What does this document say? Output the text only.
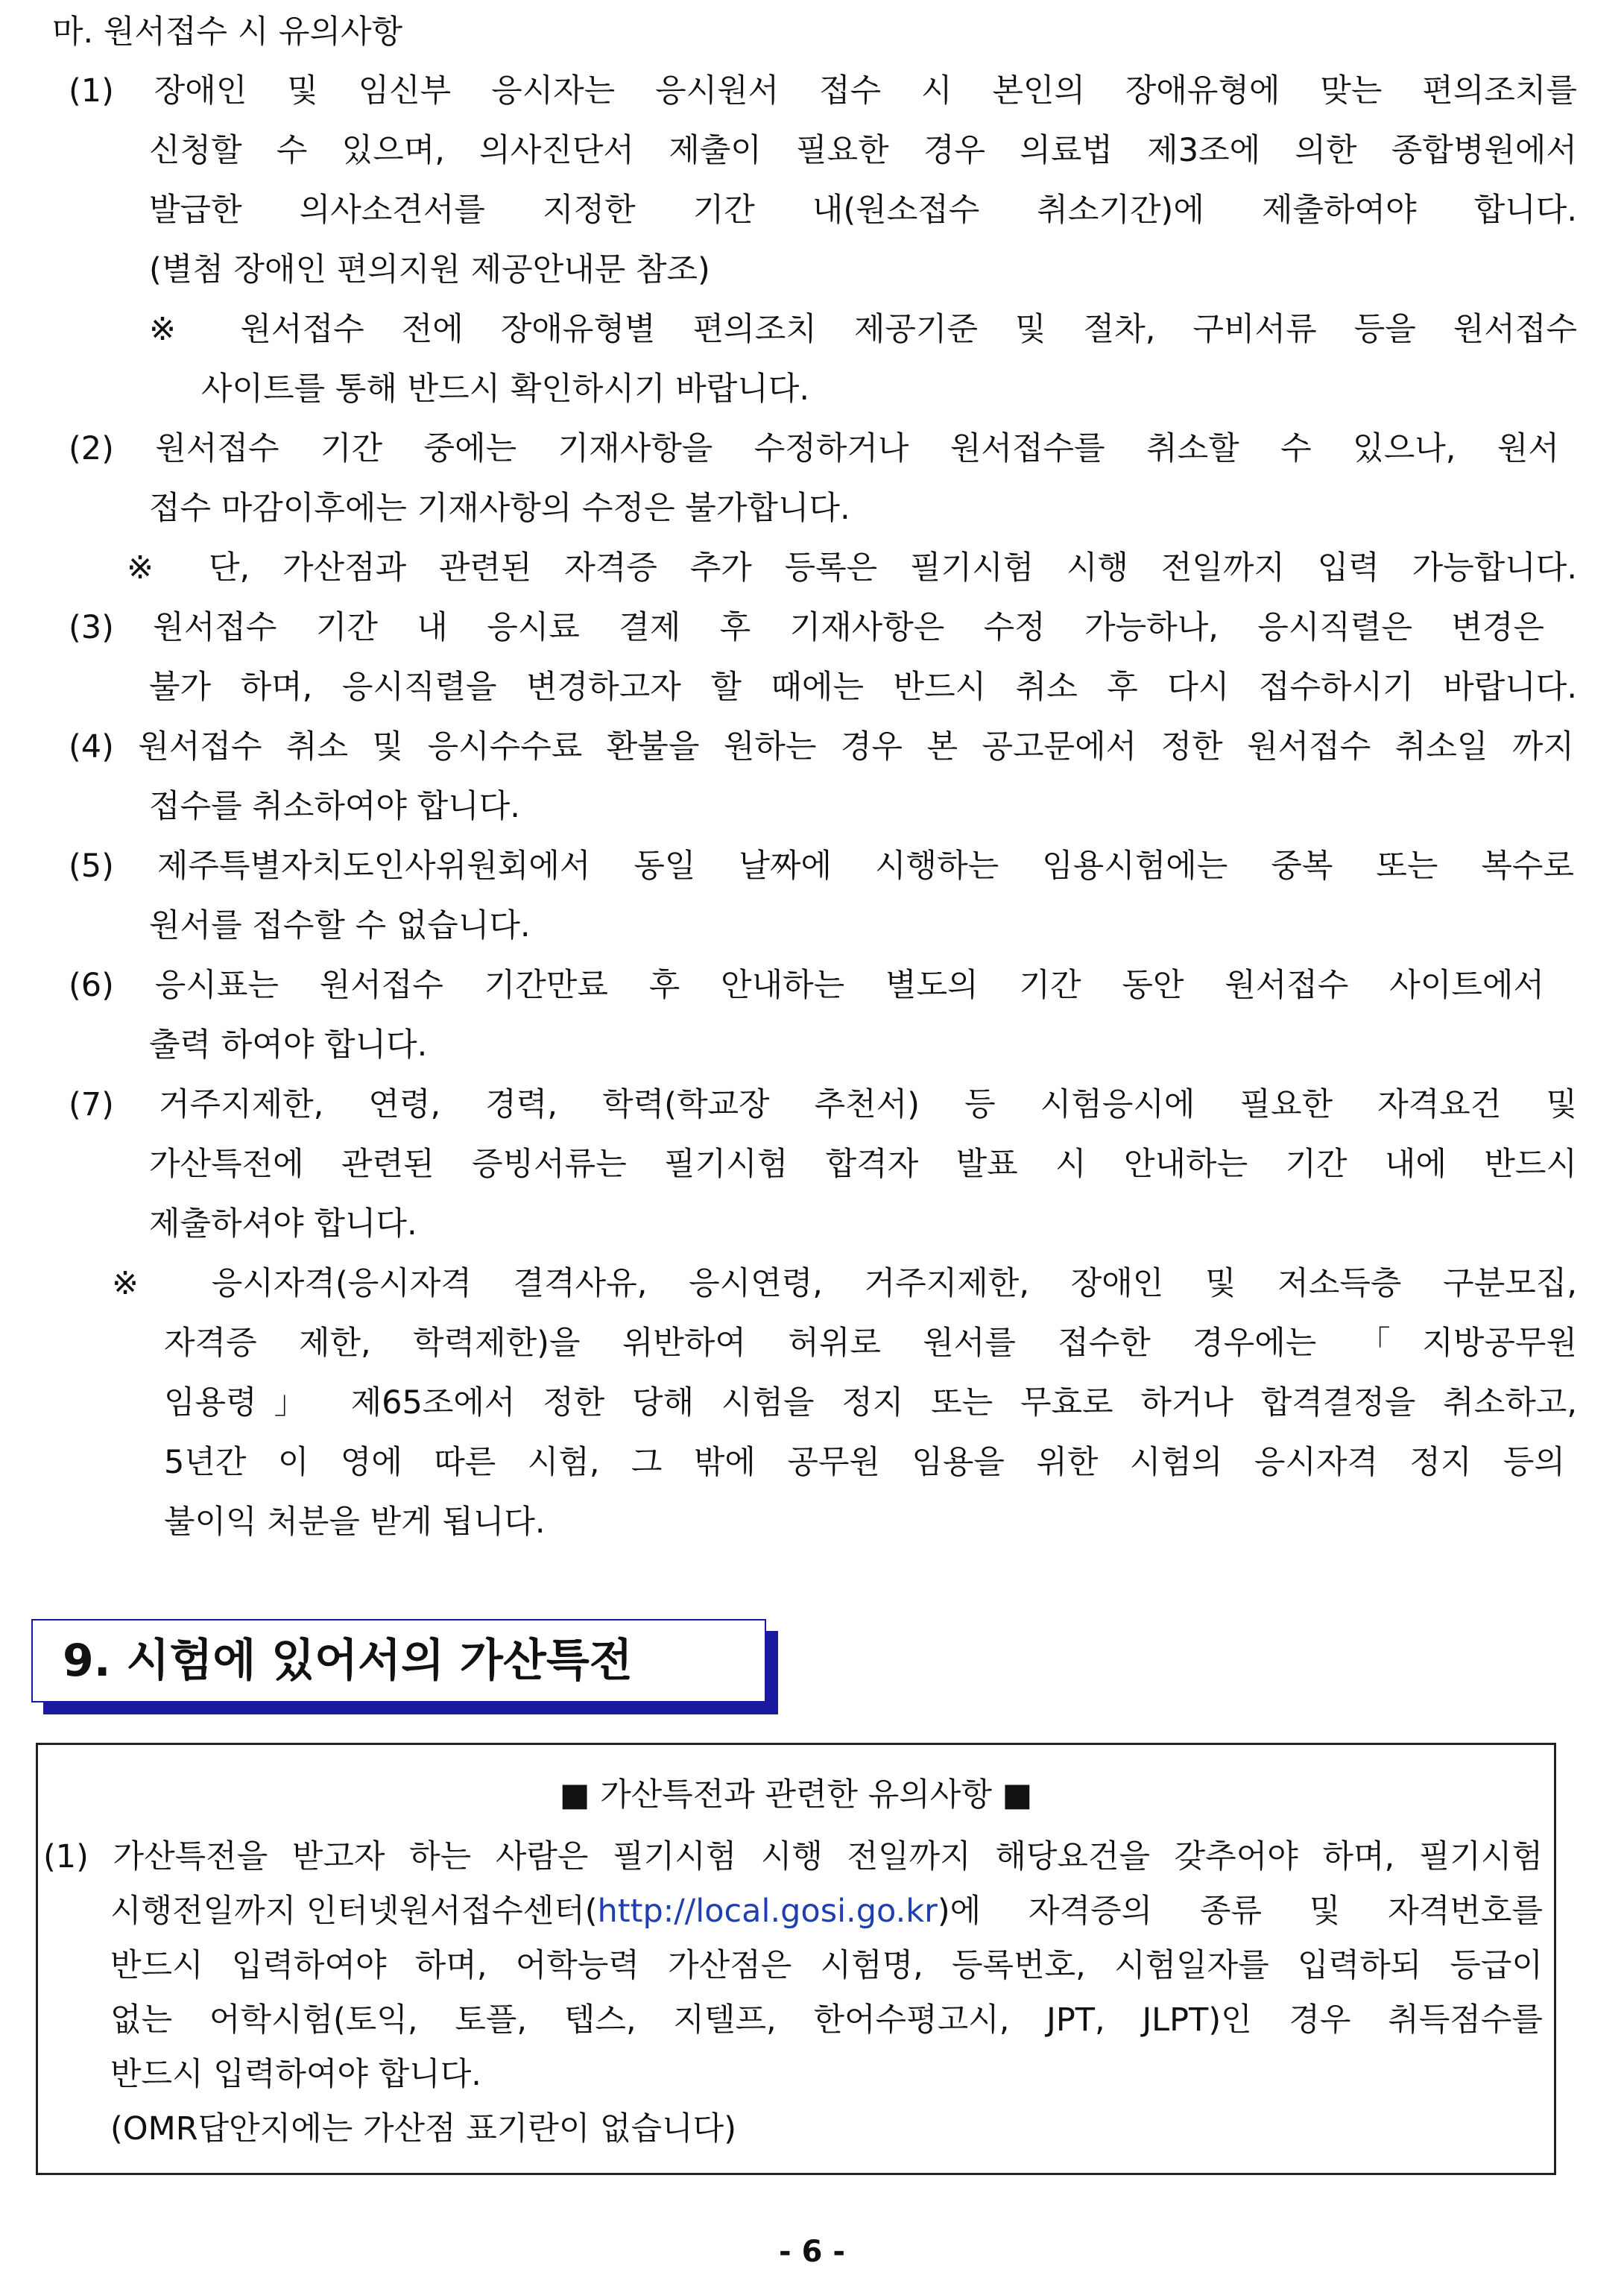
마. 원서접수 시 유의사항
(1) 장애인 및 임신부 응시자는 응시원서 접수 시 본인의 장애유형에 맞는 편의조치를
신청할 수 있으며, 의사진단서 제출이 필요한 경우 의료법 제3조에 의한 종합병원에서
발급한 의사소견서를 지정한 기간 내(원소접수 취소기간)에 제출하여야 합니다.
(별첨 장애인 편의지원 제공안내문 참조)
※ 원서접수 전에 장애유형별 편의조치 제공기준 및 절차, 구비서류 등을 원서접수
사이트를 통해 반드시 확인하시기 바랍니다.
(2) 원서접수 기간 중에는 기재사항을 수정하거나 원서접수를 취소할 수 있으나, 원서
접수 마감이후에는 기재사항의 수정은 불가합니다.
※ 단, 가산점과 관련된 자격증 추가 등록은 필기시험 시행 전일까지 입력 가능합니다.
(3) 원서접수 기간 내 응시료 결제 후 기재사항은 수정 가능하나, 응시직렬은 변경은
불가 하며, 응시직렬을 변경하고자 할 때에는 반드시 취소 후 다시 접수하시기 바랍니다.
(4) 원서접수 취소 및 응시수수료 환불을 원하는 경우 본 공고문에서 정한 원서접수 취소일 까지
접수를 취소하여야 합니다.
(5) 제주특별자치도인사위원회에서 동일 날짜에 시행하는 임용시험에는 중복 또는 복수로
원서를 접수할 수 없습니다.
(6) 응시표는 원서접수 기간만료 후 안내하는 별도의 기간 동안 원서접수 사이트에서
출력 하여야 합니다.
(7) 거주지제한, 연령, 경력, 학력(학교장 추천서) 등 시험응시에 필요한 자격요건 및
가산특전에 관련된 증빙서류는 필기시험 합격자 발표 시 안내하는 기간 내에 반드시
제출하셔야 합니다.
※ 응시자격(응시자격 결격사유, 응시연령, 거주지제한, 장애인 및 저소득층 구분모집,
자격증 제한, 학력제한)을 위반하여 허위로 원서를 접수한 경우에는 「지방공무원
임용령」 제65조에서 정한 당해 시험을 정지 또는 무효로 하거나 합격결정을 취소하고,
5년간 이 영에 따른 시험, 그 밖에 공무원 임용을 위한 시험의 응시자격 정지 등의
불이익 처분을 받게 됩니다.
9. 시험에 있어서의 가산특전
■ 가산특전과 관련한 유의사항 ■
(1) 가산특전을 받고자 하는 사람은 필기시험 시행 전일까지 해당요건을 갖추어야 하며, 필기시험
시행전일까지 인터넷원서접수센터( http://local.gosi.go.kr )에 자격증의 종류 및 자격번호를
반드시 입력하여야 하며, 어학능력 가산점은 시험명, 등록번호, 시험일자를 입력하되 등급이
없는 어학시험(토익, 토플, 텝스, 지텔프, 한어수평고시, JPT, JLPT)인 경우 취득점수를
반드시 입력하여야 합니다.
(OMR답안지에는 가산점 표기란이 없습니다)
- 6 -
